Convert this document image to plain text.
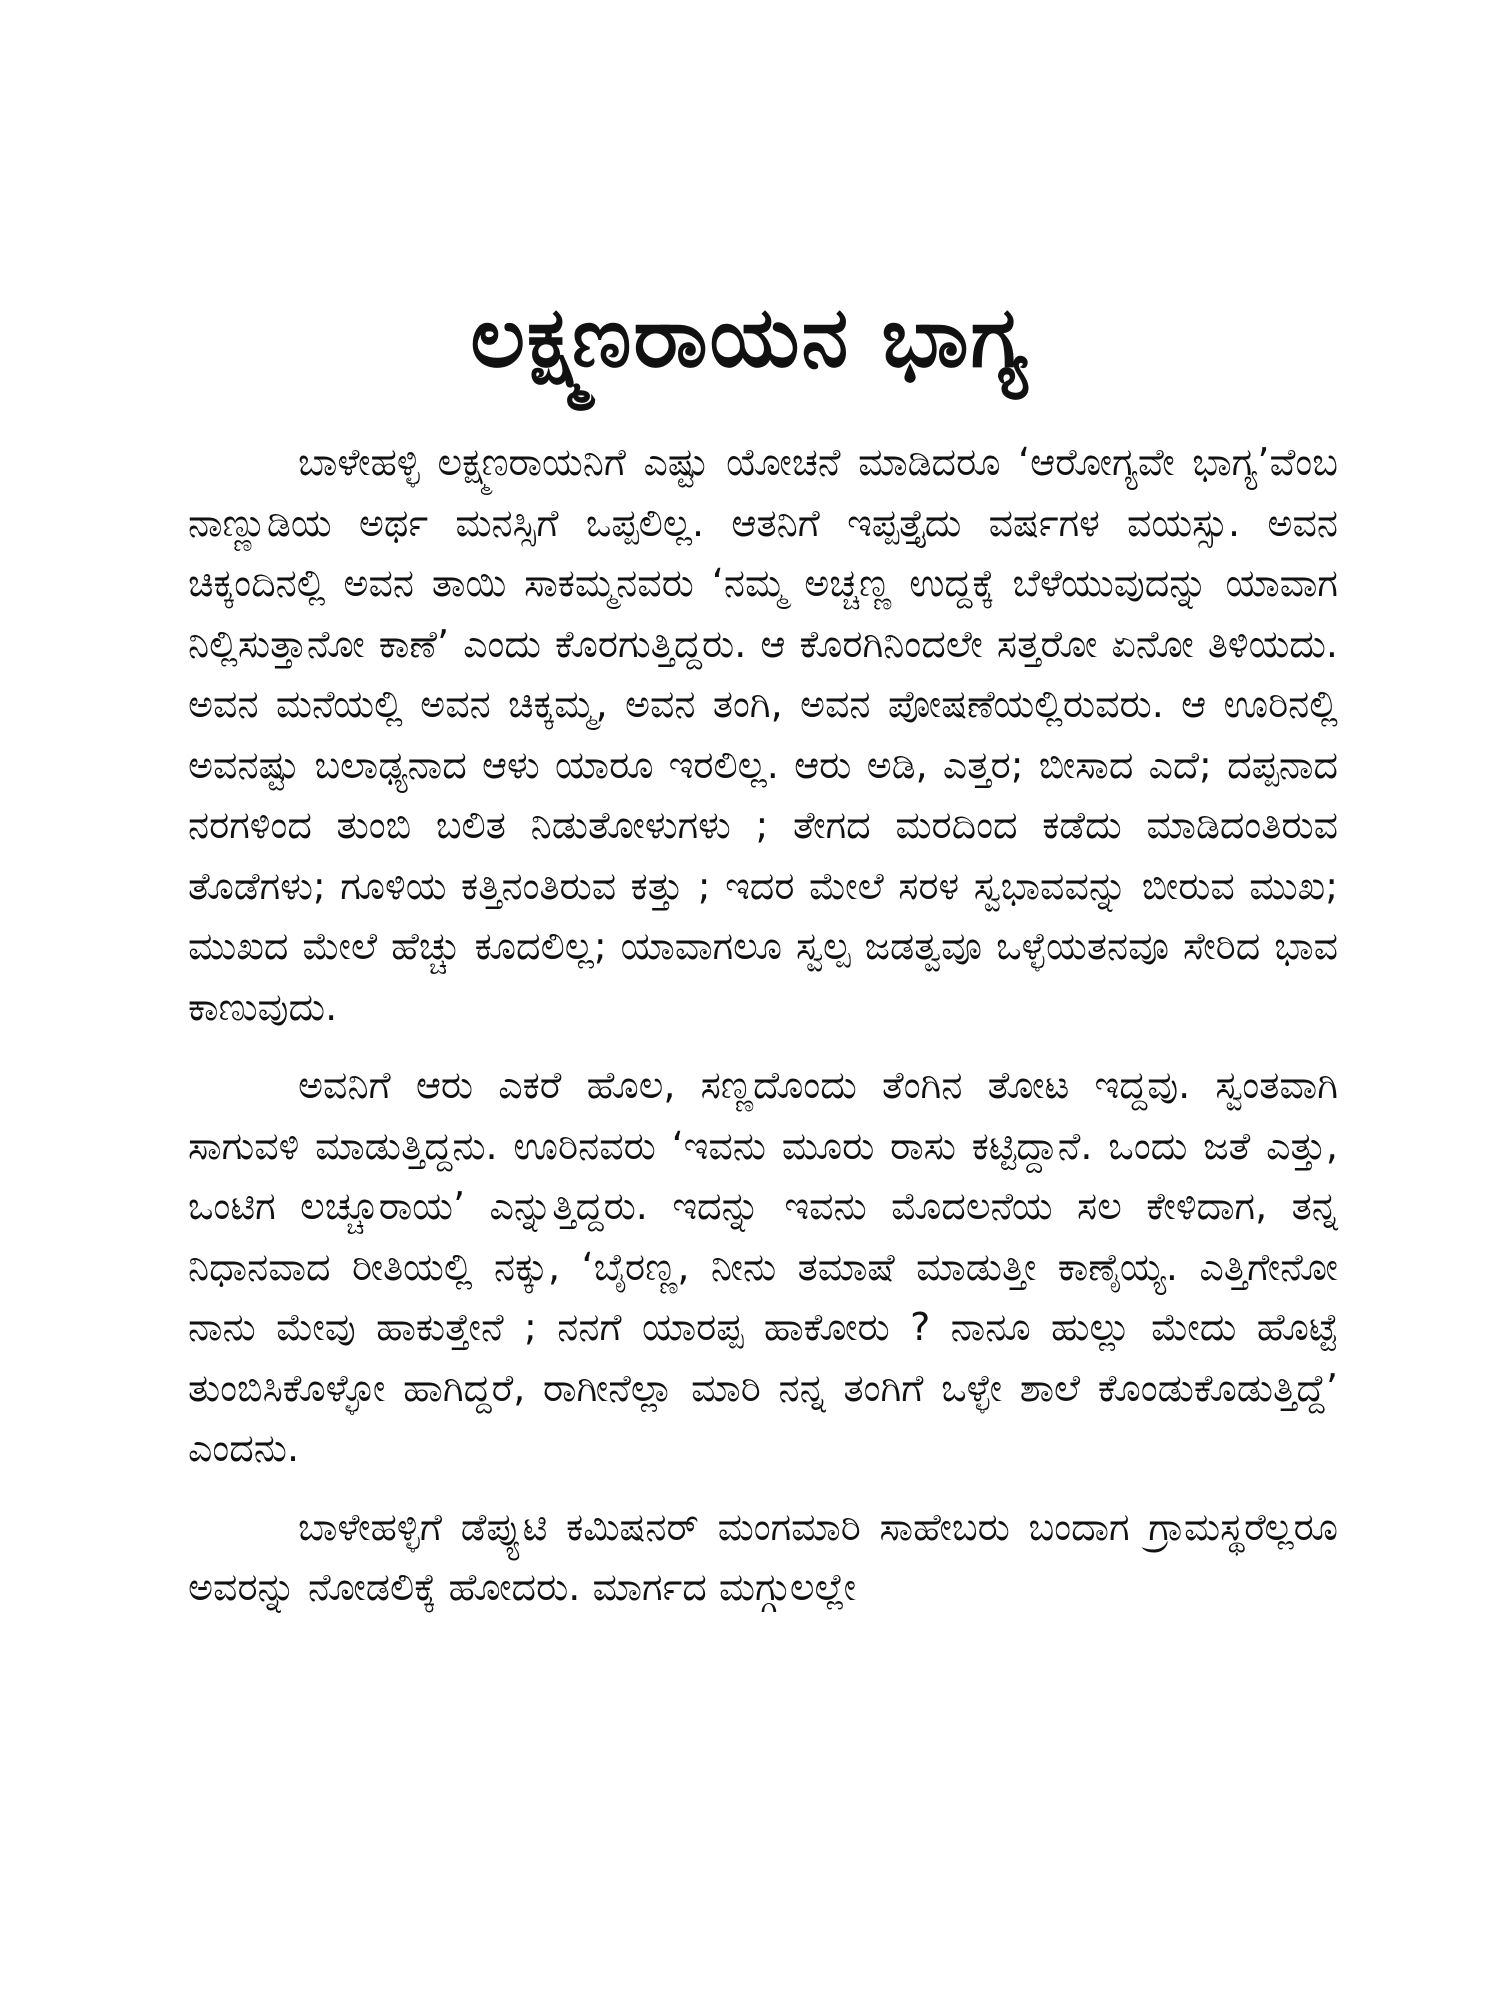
ಲಕ್ಷ್ಮಣರಾಯನ ಭಾಗ್ಯ

ಬಾಳೇಹಳ್ಳಿ ಲಕ್ಷ್ಮಣರಾಯನಿಗೆ ಎಷ್ಟು ಯೋಚನೆ ಮಾಡಿದರೂ ‘ಆರೋಗ್ಯವೇ ಭಾಗ್ಯ’ವೆಂಬ ನಾಣ್ಣುಡಿಯ ಅರ್ಥ ಮನಸ್ಸಿಗೆ ಒಪ್ಪಲಿಲ್ಲ. ಆತನಿಗೆ ಇಪ್ಪತ್ತೈದು ವರ್ಷಗಳ ವಯಸ್ಸು. ಅವನ ಚಿಕ್ಕಂದಿನಲ್ಲಿ ಅವನ ತಾಯಿ ಸಾಕಮ್ಮನವರು ‘ನಮ್ಮ ಅಚ್ಚಣ್ಣ ಉದ್ದಕ್ಕೆ ಬೆಳೆಯುವುದನ್ನು ಯಾವಾಗ ನಿಲ್ಲಿಸುತ್ತಾನೋ ಕಾಣೆ’ ಎಂದು ಕೊರಗುತ್ತಿದ್ದರು. ಆ ಕೊರಗಿನಿಂದಲೇ ಸತ್ತರೋ ಏನೋ ತಿಳಿಯದು. ಅವನ ಮನೆಯಲ್ಲಿ ಅವನ ಚಿಕ್ಕಮ್ಮ, ಅವನ ತಂಗಿ, ಅವನ ಪೋಷಣೆಯಲ್ಲಿರುವರು. ಆ ಊರಿನಲ್ಲಿ ಅವನಷ್ಟು ಬಲಾಢ್ಯನಾದ ಆಳು ಯಾರೂ ಇರಲಿಲ್ಲ. ಆರು ಅಡಿ, ಎತ್ತರ; ಬೀಸಾದ ಎದೆ; ದಪ್ಪನಾದ ನರಗಳಿಂದ ತುಂಬಿ ಬಲಿತ ನಿಡುತೋಳುಗಳು ; ತೇಗದ ಮರದಿಂದ ಕಡೆದು ಮಾಡಿದಂತಿರುವ ತೊಡೆಗಳು; ಗೂಳಿಯ ಕತ್ತಿನಂತಿರುವ ಕತ್ತು ; ಇದರ ಮೇಲೆ ಸರಳ ಸ್ವಭಾವವನ್ನು ಬೀರುವ ಮುಖ; ಮುಖದ ಮೇಲೆ ಹೆಚ್ಚು ಕೂದಲಿಲ್ಲ; ಯಾವಾಗಲೂ ಸ್ವಲ್ಪ ಜಡತ್ವವೂ ಒಳ್ಳೆಯತನವೂ ಸೇರಿದ ಭಾವ ಕಾಣುವುದು.

ಅವನಿಗೆ ಆರು ಎಕರೆ ಹೊಲ, ಸಣ್ಣದೊಂದು ತೆಂಗಿನ ತೋಟ ಇದ್ದವು. ಸ್ವಂತವಾಗಿ ಸಾಗುವಳಿ ಮಾಡುತ್ತಿದ್ದನು. ಊರಿನವರು ‘ಇವನು ಮೂರು ರಾಸು ಕಟ್ಟಿದ್ದಾನೆ. ಒಂದು ಜತೆ ಎತ್ತು, ಒಂಟಿಗ ಲಚ್ಚೂರಾಯ’ ಎನ್ನುತ್ತಿದ್ದರು. ಇದನ್ನು ಇವನು ಮೊದಲನೆಯ ಸಲ ಕೇಳಿದಾಗ, ತನ್ನ ನಿಧಾನವಾದ ರೀತಿಯಲ್ಲಿ ನಕ್ಕು, ‘ಬೈರಣ್ಣ, ನೀನು ತಮಾಷೆ ಮಾಡುತ್ತೀ ಕಾಣೈಯ್ಯ. ಎತ್ತಿಗೇನೋ ನಾನು ಮೇವು ಹಾಕುತ್ತೇನೆ ; ನನಗೆ ಯಾರಪ್ಪ ಹಾಕೋರು ? ನಾನೂ ಹುಲ್ಲು ಮೇದು ಹೊಟ್ಟೆ ತುಂಬಿಸಿಕೊಳ್ಳೋ ಹಾಗಿದ್ದರೆ, ರಾಗೀನೆಲ್ಲಾ ಮಾರಿ ನನ್ನ ತಂಗಿಗೆ ಒಳ್ಳೇ ಶಾಲೆ ಕೊಂಡುಕೊಡುತ್ತಿದ್ದೆ’ ಎಂದನು.

ಬಾಳೇಹಳ್ಳಿಗೆ ಡೆಪ್ಯುಟಿ ಕಮಿಷನರ್ ಮಂಗಮಾರಿ ಸಾಹೇಬರು ಬಂದಾಗ ಗ್ರಾಮಸ್ಥರೆಲ್ಲರೂ ಅವರನ್ನು ನೋಡಲಿಕ್ಕೆ ಹೋದರು. ಮಾರ್ಗದ ಮಗ್ಗುಲಲ್ಲೇ
